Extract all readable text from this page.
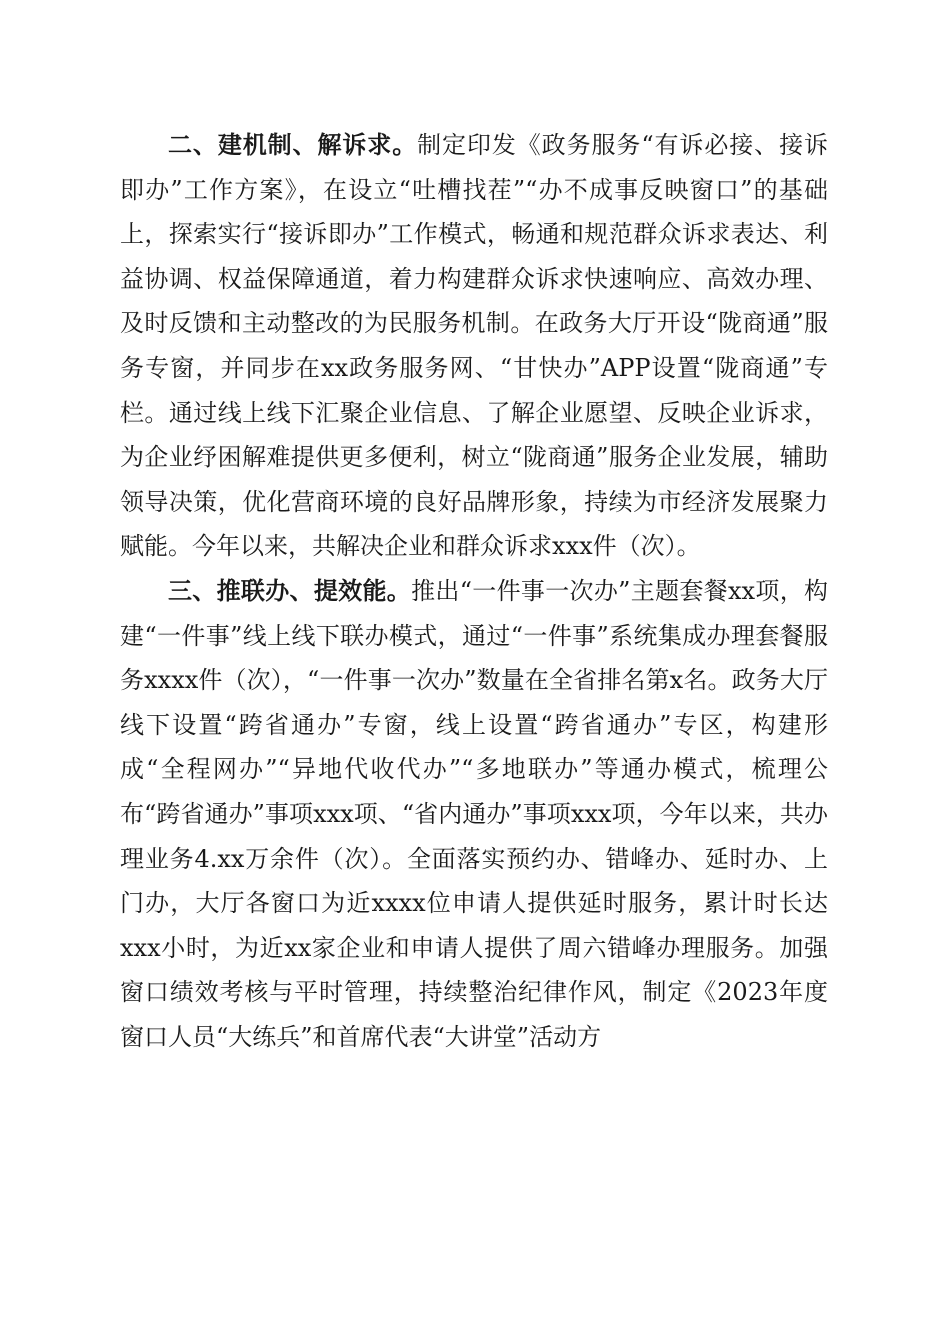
二、建机制、解诉求。制定印发《政务服务“有诉必接、接诉即办”工作方案》，在设立“吐槽找茬”“办不成事反映窗口”的基础上，探索实行“接诉即办”工作模式，畅通和规范群众诉求表达、利益协调、权益保障通道，着力构建群众诉求快速响应、高效办理、及时反馈和主动整改的为民服务机制。在政务大厅开设“陇商通”服务专窗，并同步在xx政务服务网、“甘快办”APP设置“陇商通”专栏。通过线上线下汇聚企业信息、了解企业愿望、反映企业诉求，为企业纾困解难提供更多便利，树立“陇商通”服务企业发展，辅助领导决策，优化营商环境的良好品牌形象，持续为市经济发展聚力赋能。今年以来，共解决企业和群众诉求xxx件（次）。

三、推联办、提效能。推出“一件事一次办”主题套餐xx项，构建“一件事”线上线下联办模式，通过“一件事”系统集成办理套餐服务xxxx件（次），“一件事一次办”数量在全省排名第x名。政务大厅线下设置“跨省通办”专窗，线上设置“跨省通办”专区，构建形成“全程网办”“异地代收代办”“多地联办”等通办模式，梳理公布“跨省通办”事项xxx项、“省内通办”事项xxx项，今年以来，共办理业务4.xx万余件（次）。全面落实预约办、错峰办、延时办、上门办，大厅各窗口为近xxxx位申请人提供延时服务，累计时长达xxx小时，为近xx家企业和申请人提供了周六错峰办理服务。加强窗口绩效考核与平时管理，持续整治纪律作风，制定《2023年度窗口人员“大练兵”和首席代表“大讲堂”活动方
